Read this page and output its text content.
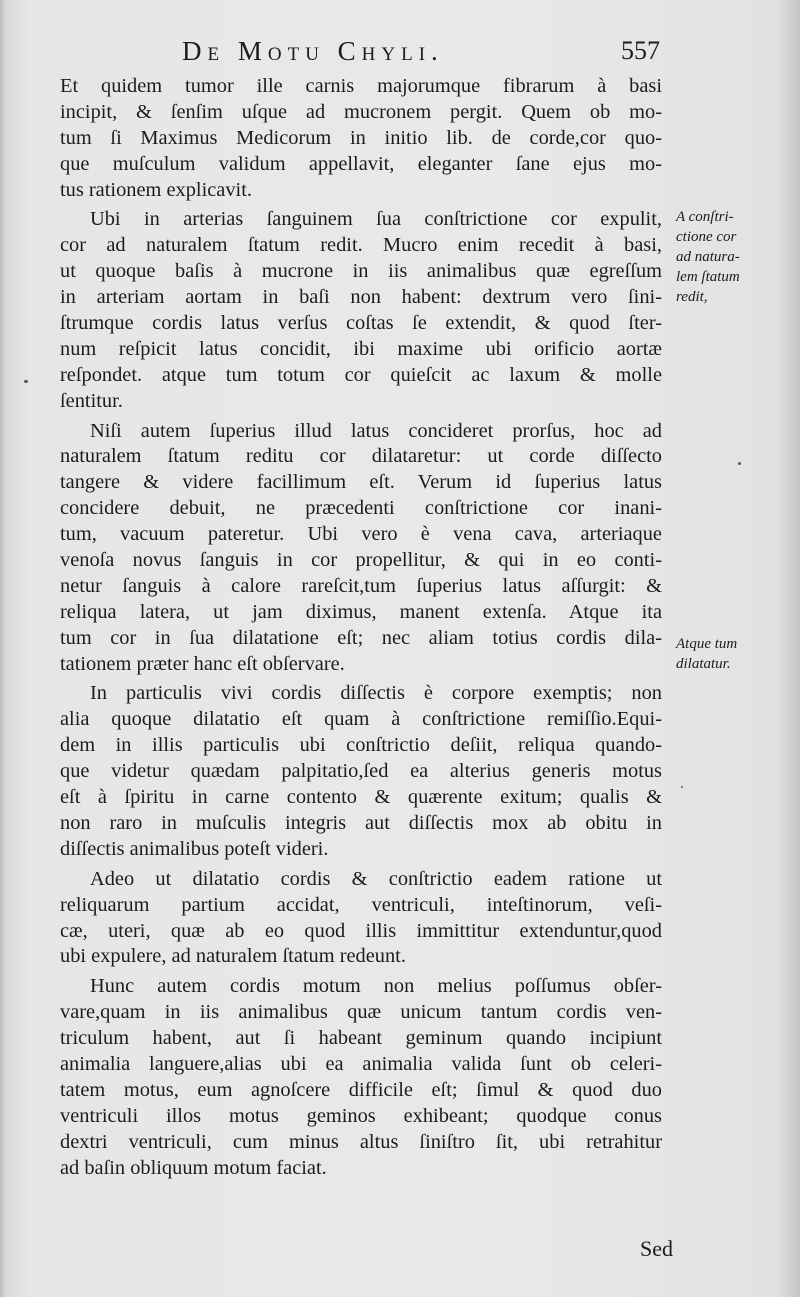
De Motu Chyli.	557
Et quidem tumor ille carnis majorumque fibrarum à basi
incipit, & ſenſim uſque ad mucronem pergit. Quem ob mo-
tum ſi Maximus Medicorum in initio lib. de corde,cor quo-
que muſculum validum appellavit, eleganter ſane ejus mo-
tus rationem explicavit.
Ubi in arterias ſanguinem ſua conſtrictione cor expulit,
cor ad naturalem ſtatum redit. Mucro enim recedit à basi,
ut quoque baſis à mucrone in iis animalibus quæ egreſſum
in arteriam aortam in baſi non habent: dextrum vero ſini-
ſtrumque cordis latus verſus coſtas ſe extendit, & quod ſter-
num reſpicit latus concidit, ibi maxime ubi orificio aortæ
reſpondet. atque tum totum cor quieſcit ac laxum & molle
ſentitur.
Niſi autem ſuperius illud latus concideret prorſus, hoc ad
naturalem ſtatum reditu cor dilataretur: ut corde diſſecto
tangere & videre facillimum eſt. Verum id ſuperius latus
concidere debuit, ne præcedenti conſtrictione cor inani-
tum, vacuum pateretur. Ubi vero è vena cava, arteriaque
venoſa novus ſanguis in cor propellitur, & qui in eo conti-
netur ſanguis à calore rareſcit,tum ſuperius latus aſſurgit: &
reliqua latera, ut jam diximus, manent extenſa. Atque ita
tum cor in ſua dilatatione eſt; nec aliam totius cordis dila-
tationem præter hanc eſt obſervare.
In particulis vivi cordis diſſectis è corpore exemptis; non
alia quoque dilatatio eſt quam à conſtrictione remiſſio.Equi-
dem in illis particulis ubi conſtrictio deſiit, reliqua quando-
que videtur quædam palpitatio,ſed ea alterius generis motus
eſt à ſpiritu in carne contento & quærente exitum; qualis &
non raro in muſculis integris aut diſſectis mox ab obitu in
diſſectis animalibus poteſt videri.
Adeo ut dilatatio cordis & conſtrictio eadem ratione ut
reliquarum partium accidat, ventriculi, inteſtinorum, veſi-
cæ, uteri, quæ ab eo quod illis immittitur extenduntur,quod
ubi expulere, ad naturalem ſtatum redeunt.
Hunc autem cordis motum non melius poſſumus obſer-
vare,quam in iis animalibus quæ unicum tantum cordis ven-
triculum habent, aut ſi habeant geminum quando incipiunt
animalia languere,alias ubi ea animalia valida ſunt ob celeri-
tatem motus, eum agnoſcere difficile eſt; ſimul & quod duo
ventriculi illos motus geminos exhibeant; quodque conus
dextri ventriculi, cum minus altus ſiniſtro ſit, ubi retrahitur
ad baſin obliquum motum faciat.
A conſtri-
ctione cor
ad natura-
lem ſtatum
redit,
Atque tum
dilatatur.
Sed
